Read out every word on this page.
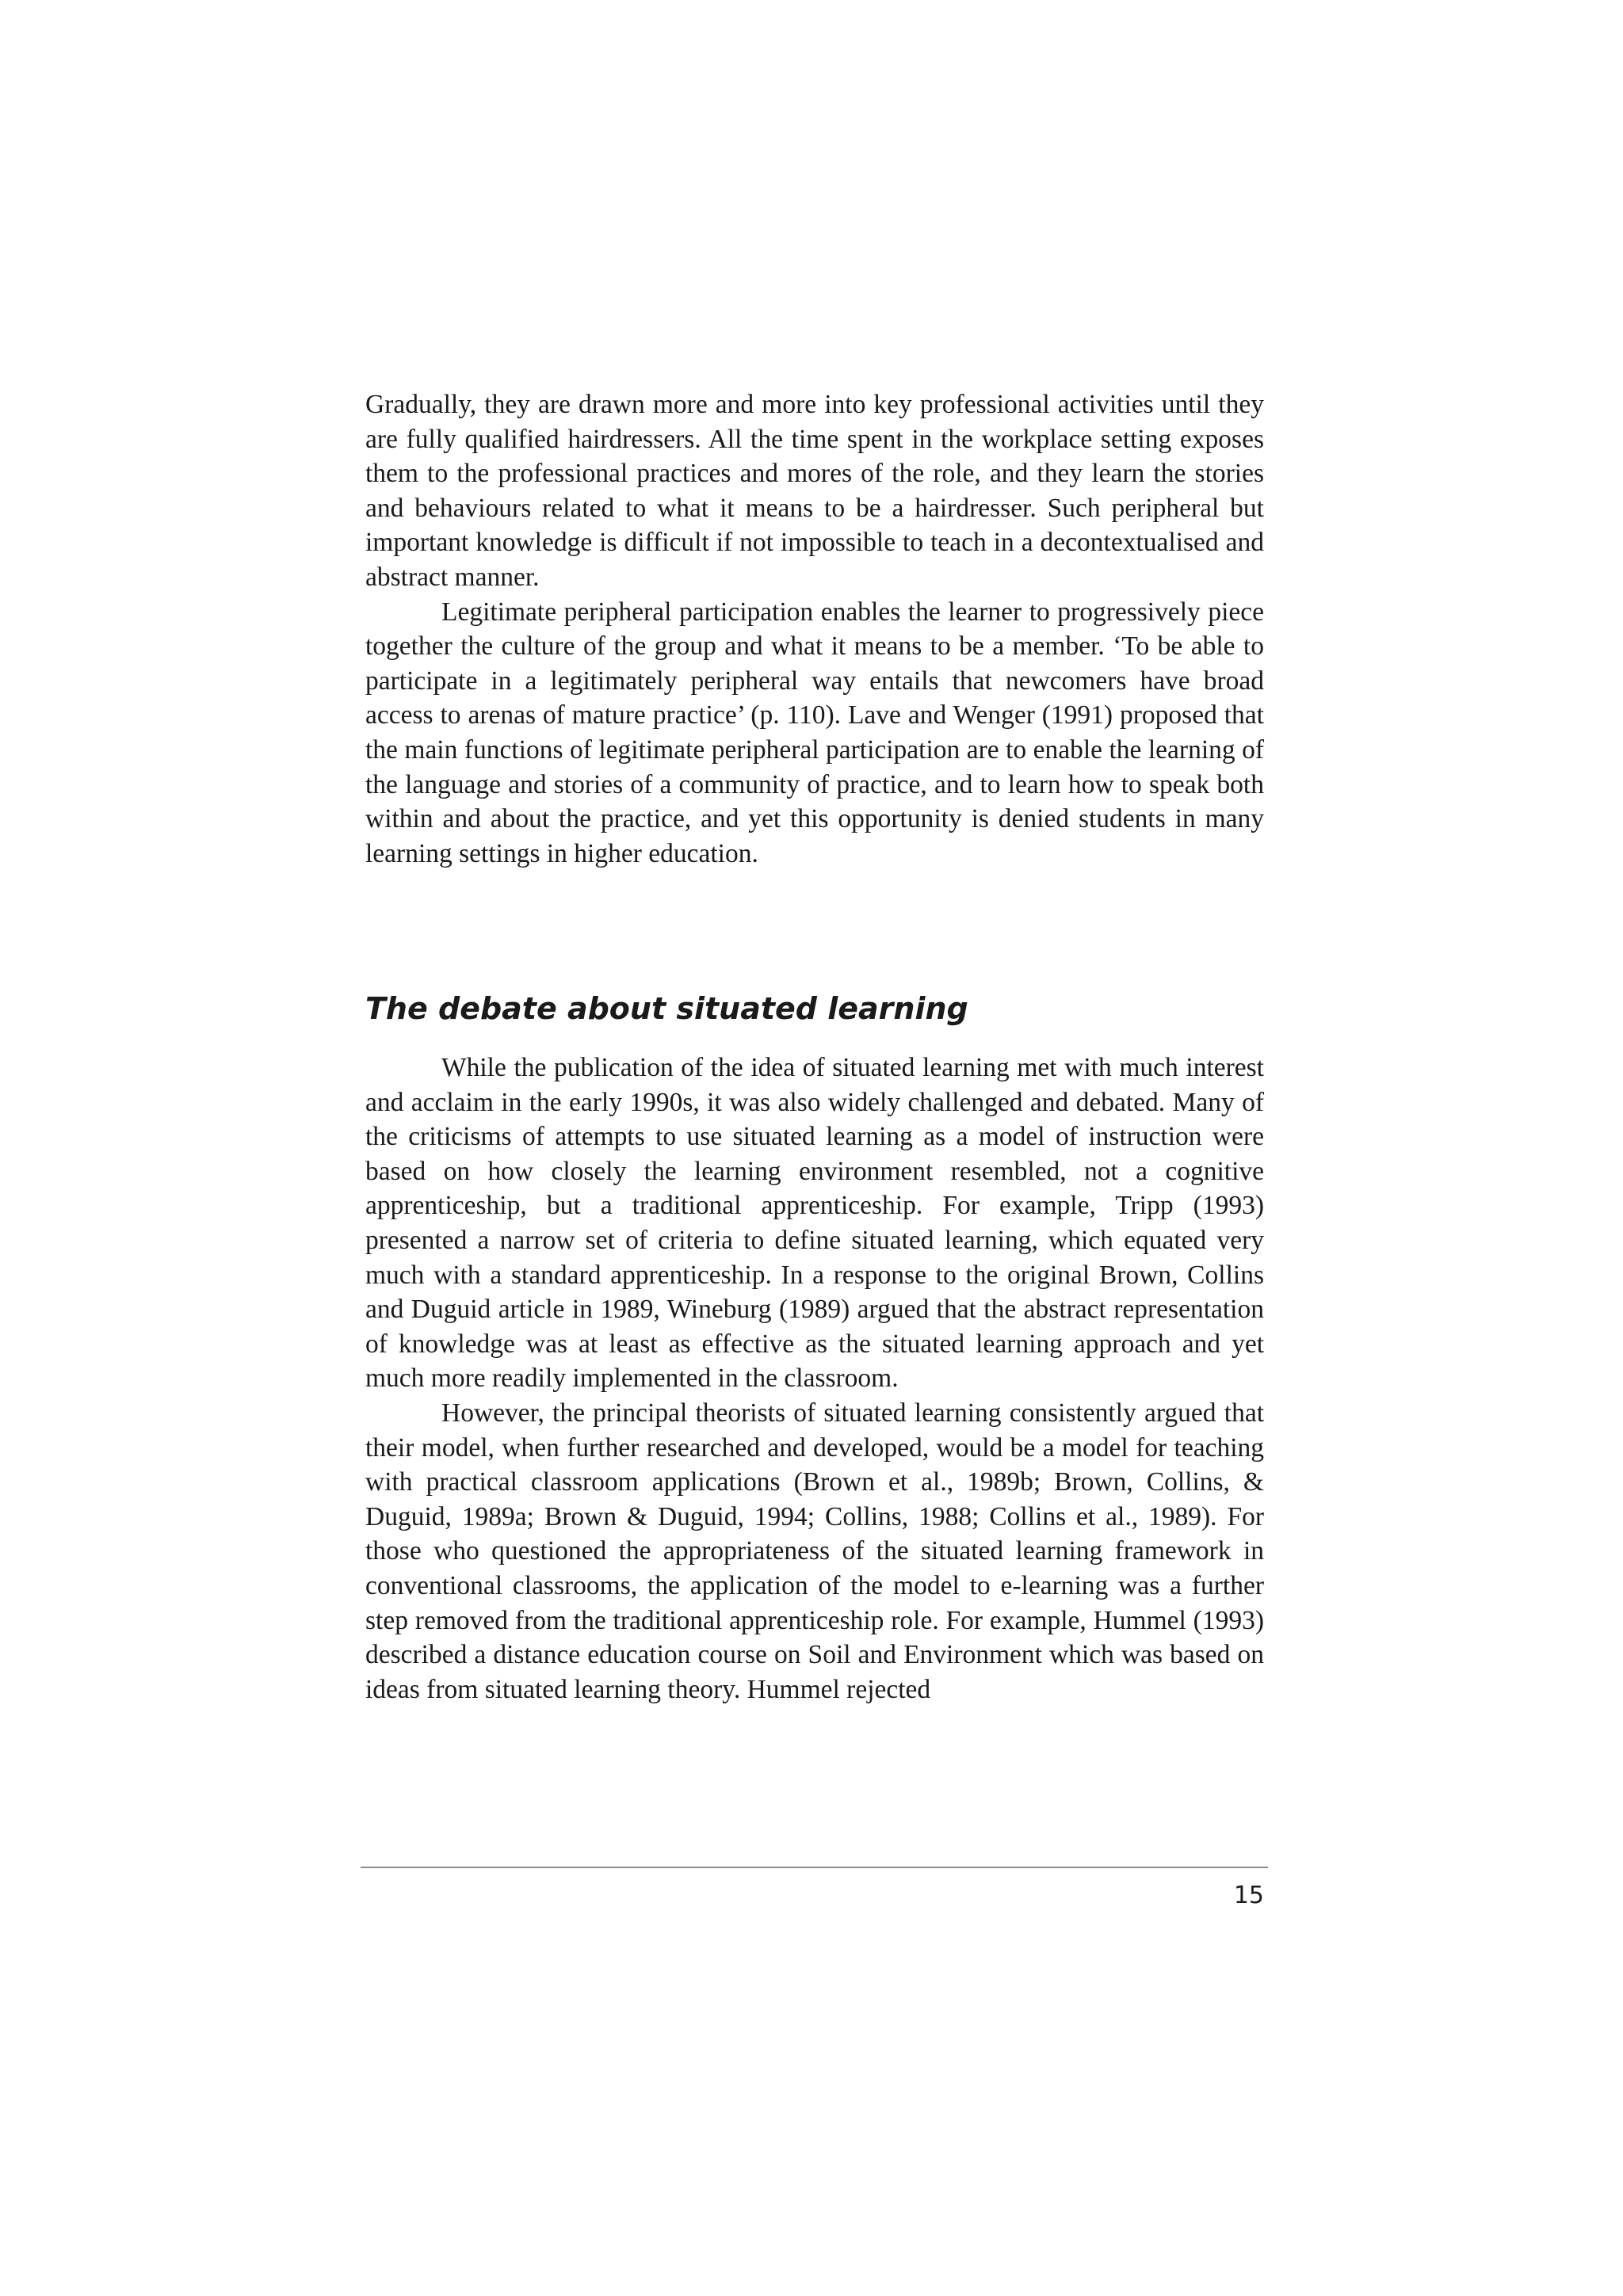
Gradually, they are drawn more and more into key professional activities until they are fully qualified hairdressers. All the time spent in the workplace setting exposes them to the professional practices and mores of the role, and they learn the stories and behaviours related to what it means to be a hairdresser. Such peripheral but important knowledge is difficult if not impossible to teach in a decontextualised and abstract manner.

Legitimate peripheral participation enables the learner to progressively piece together the culture of the group and what it means to be a member. ‘To be able to participate in a legitimately peripheral way entails that newcomers have broad access to arenas of mature practice’ (p. 110). Lave and Wenger (1991) proposed that the main functions of legitimate peripheral participation are to enable the learning of the language and stories of a community of practice, and to learn how to speak both within and about the practice, and yet this opportunity is denied students in many learning settings in higher education.

The debate about situated learning

While the publication of the idea of situated learning met with much interest and acclaim in the early 1990s, it was also widely challenged and debated. Many of the criticisms of attempts to use situated learning as a model of instruction were based on how closely the learning environment resembled, not a cognitive apprenticeship, but a traditional apprenticeship. For example, Tripp (1993) presented a narrow set of criteria to define situated learning, which equated very much with a standard apprenticeship. In a response to the original Brown, Collins and Duguid article in 1989, Wineburg (1989) argued that the abstract representation of knowledge was at least as effective as the situated learning approach and yet much more readily implemented in the classroom.

However, the principal theorists of situated learning consistently argued that their model, when further researched and developed, would be a model for teaching with practical classroom applications (Brown et al., 1989b; Brown, Collins, & Duguid, 1989a; Brown & Duguid, 1994; Collins, 1988; Collins et al., 1989). For those who questioned the appropriateness of the situated learning framework in conventional classrooms, the application of the model to e-learning was a further step removed from the traditional apprenticeship role. For example, Hummel (1993) described a distance education course on Soil and Environment which was based on ideas from situated learning theory. Hummel rejected

15
